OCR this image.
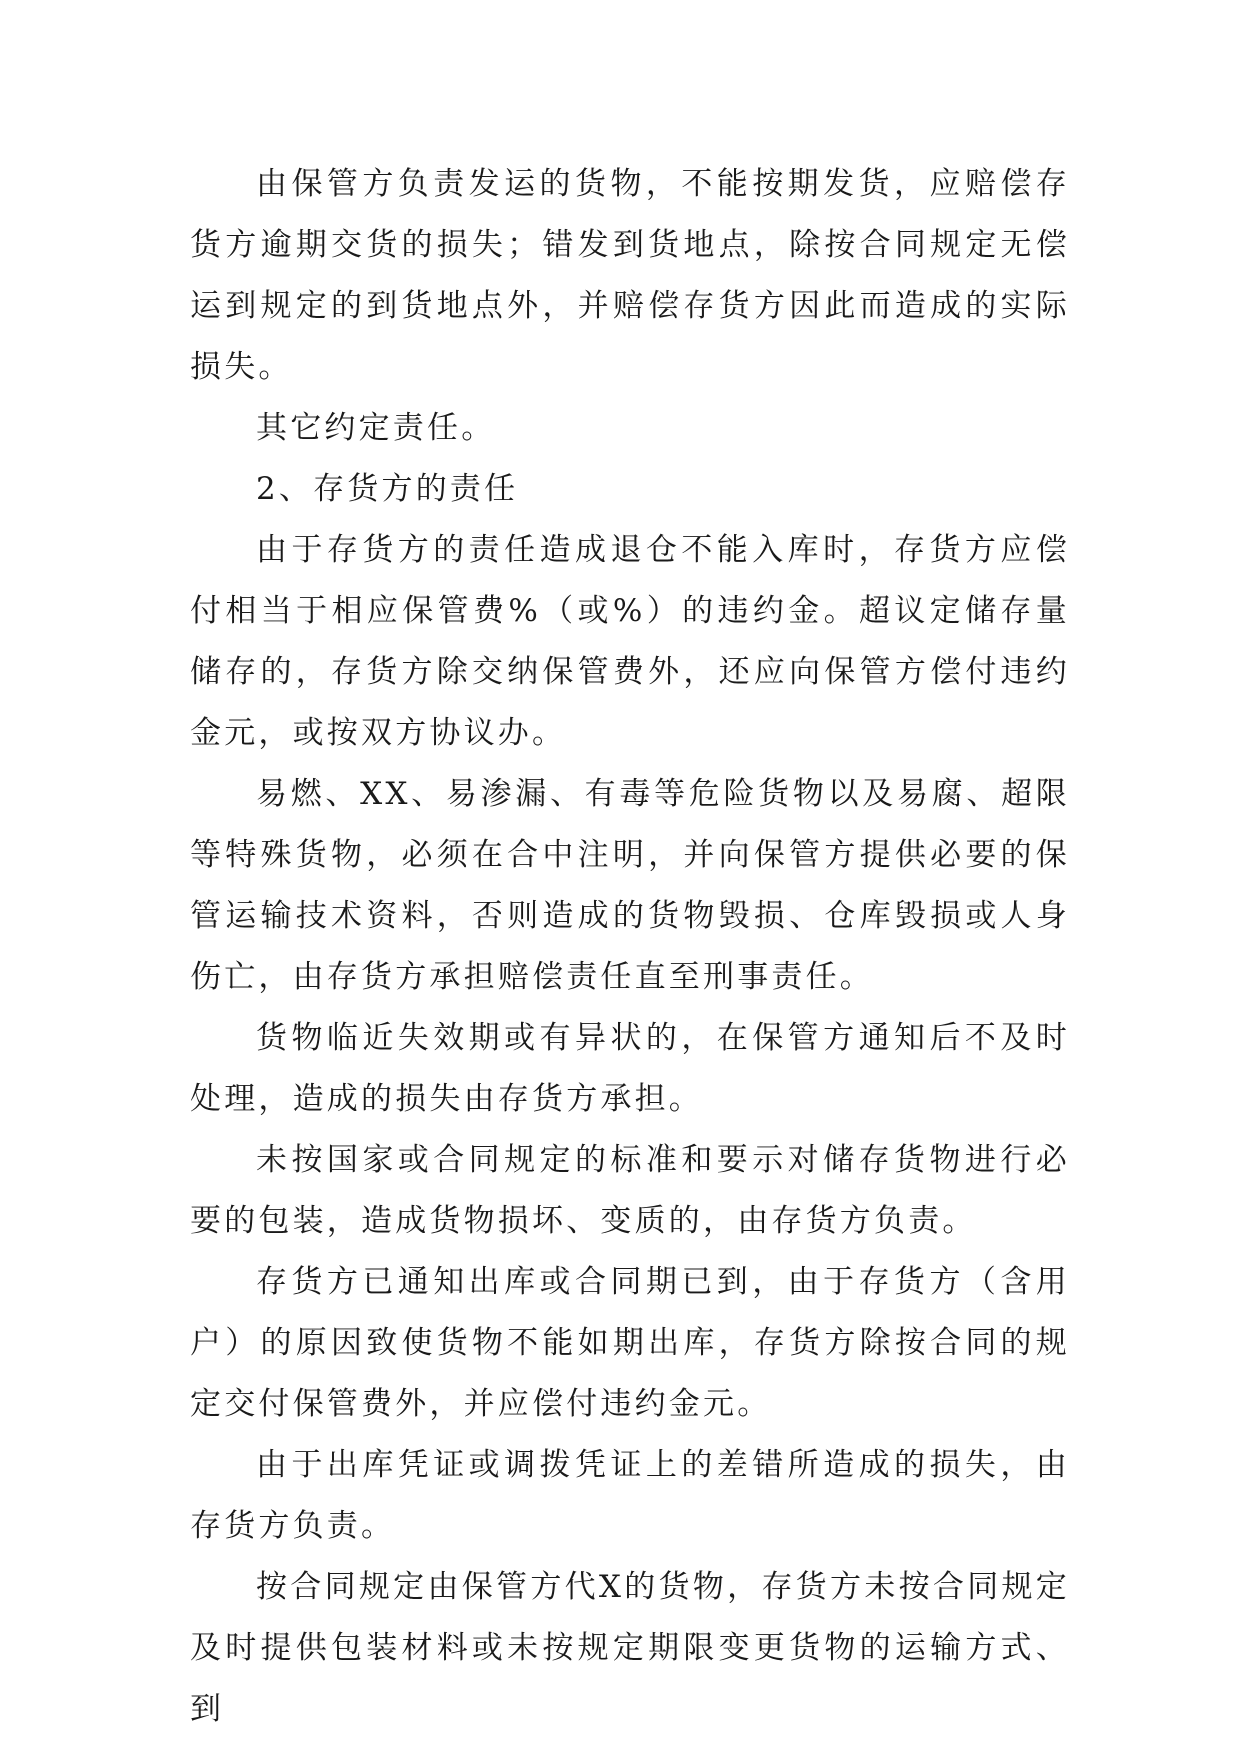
由保管方负责发运的货物，不能按期发货，应赔偿存货方逾期交货的损失；错发到货地点，除按合同规定无偿运到规定的到货地点外，并赔偿存货方因此而造成的实际损失。

其它约定责任。

2、存货方的责任

由于存货方的责任造成退仓不能入库时，存货方应偿付相当于相应保管费%（或%）的违约金。超议定储存量储存的，存货方除交纳保管费外，还应向保管方偿付违约金元，或按双方协议办。

易燃、XX、易渗漏、有毒等危险货物以及易腐、超限等特殊货物，必须在合中注明，并向保管方提供必要的保管运输技术资料，否则造成的货物毁损、仓库毁损或人身伤亡，由存货方承担赔偿责任直至刑事责任。

货物临近失效期或有异状的，在保管方通知后不及时处理，造成的损失由存货方承担。

未按国家或合同规定的标准和要示对储存货物进行必要的包装，造成货物损坏、变质的，由存货方负责。

存货方已通知出库或合同期已到，由于存货方（含用户）的原因致使货物不能如期出库，存货方除按合同的规定交付保管费外，并应偿付违约金元。

由于出库凭证或调拨凭证上的差错所造成的损失，由存货方负责。

按合同规定由保管方代X的货物，存货方未按合同规定及时提供包装材料或未按规定期限变更货物的运输方式、到
